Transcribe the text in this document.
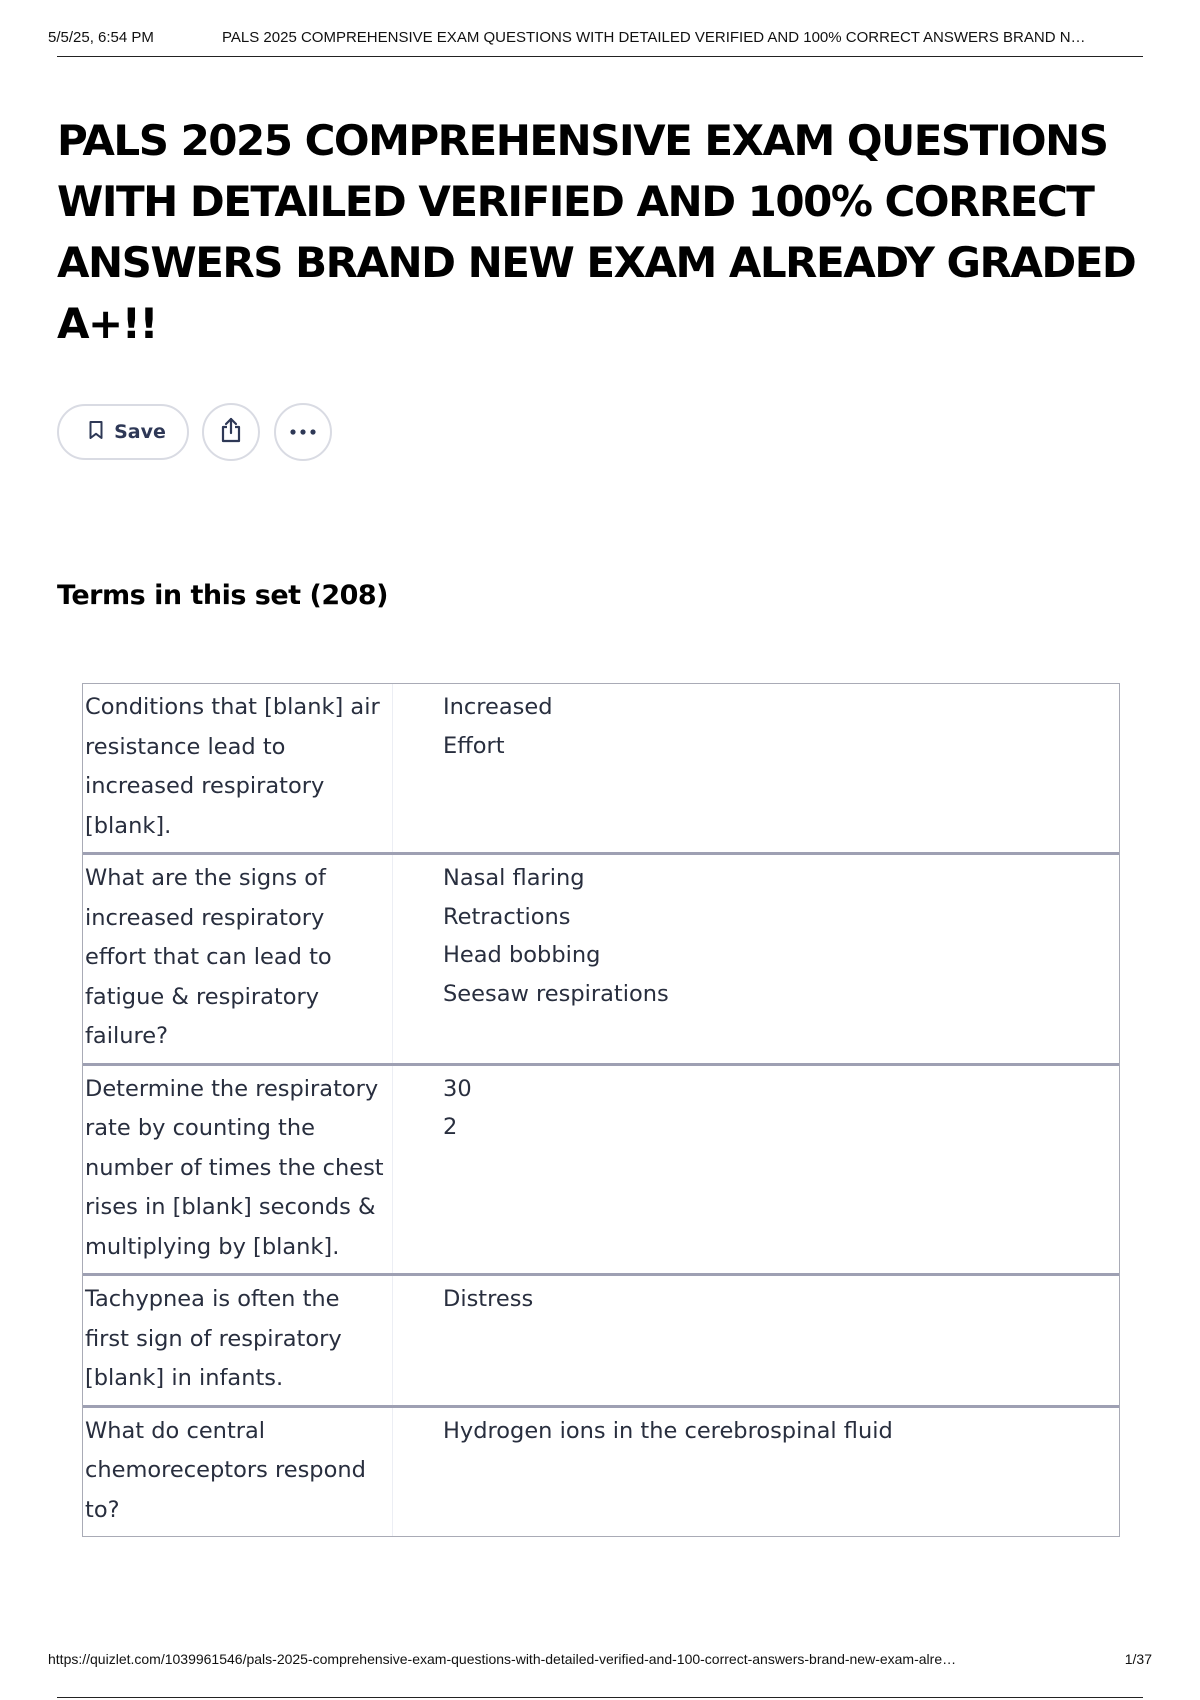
5/5/25, 6:54 PM	PALS 2025 COMPREHENSIVE EXAM QUESTIONS WITH DETAILED VERIFIED AND 100% CORRECT ANSWERS BRAND N…
PALS 2025 COMPREHENSIVE EXAM QUESTIONS WITH DETAILED VERIFIED AND 100% CORRECT ANSWERS BRAND NEW EXAM ALREADY GRADED A+!!
Save
Terms in this set (208)
Conditions that [blank] air resistance lead to increased respiratory [blank].
Increased
Effort
What are the signs of increased respiratory effort that can lead to fatigue & respiratory failure?
Nasal flaring
Retractions
Head bobbing
Seesaw respirations
Determine the respiratory rate by counting the number of times the chest rises in [blank] seconds & multiplying by [blank].
30
2
Tachypnea is often the first sign of respiratory [blank] in infants.
Distress
What do central chemoreceptors respond to?
Hydrogen ions in the cerebrospinal fluid
https://quizlet.com/1039961546/pals-2025-comprehensive-exam-questions-with-detailed-verified-and-100-correct-answers-brand-new-exam-alre…	1/37
